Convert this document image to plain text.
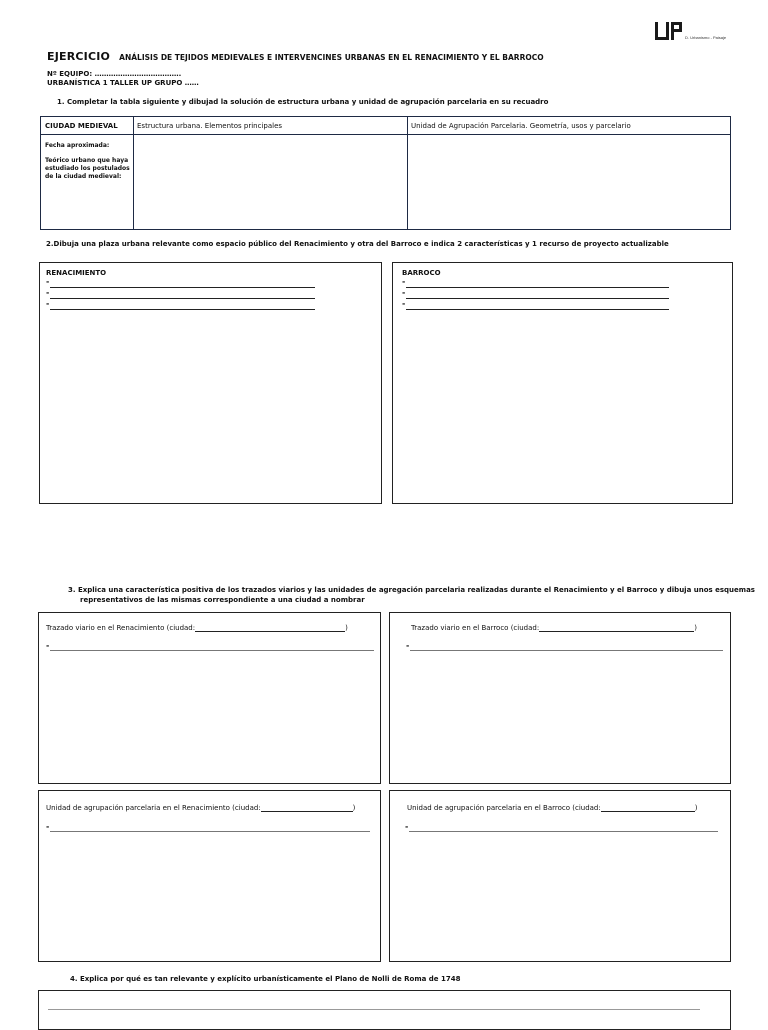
D. Urbanismo - Paisaje
EJERCICIO ANÁLISIS DE TEJIDOS MEDIEVALES E INTERVENCINES URBANAS EN EL RENACIMIENTO Y EL BARROCO
Nº EQUIPO: ……………………………….
URBANÍSTICA 1 TALLER UP GRUPO ……
1. Completar la tabla siguiente y dibujad la solución de estructura urbana y unidad de agrupación parcelaria en su recuadro
CIUDAD MEDIEVAL	Estructura urbana. Elementos principales	Unidad de Agrupación Parcelaria. Geometría, usos y parcelario
Fecha aproximada:
Teórico urbano que haya
estudiado los postulados
de la ciudad medieval:
2.Dibuja una plaza urbana relevante como espacio público del Renacimiento y otra del Barroco e indica 2 características y 1 recurso de proyecto actualizable
RENACIMIENTO
-
-
-
BARROCO
-
-
-
3. Explica una característica positiva de los trazados viarios y las unidades de agregación parcelaria realizadas durante el Renacimiento y el Barroco y dibuja unos esquemas
representativos de las mismas correspondiente a una ciudad a nombrar
Trazado viario en el Renacimiento (ciudad:	)
-
Trazado viario en el Barroco (ciudad:	)
-
Unidad de agrupación parcelaria en el Renacimiento (ciudad:	)
-
Unidad de agrupación parcelaria en el Barroco (ciudad:	)
-
4. Explica por qué es tan relevante y explícito urbanísticamente el Plano de Nolli de Roma de 1748
